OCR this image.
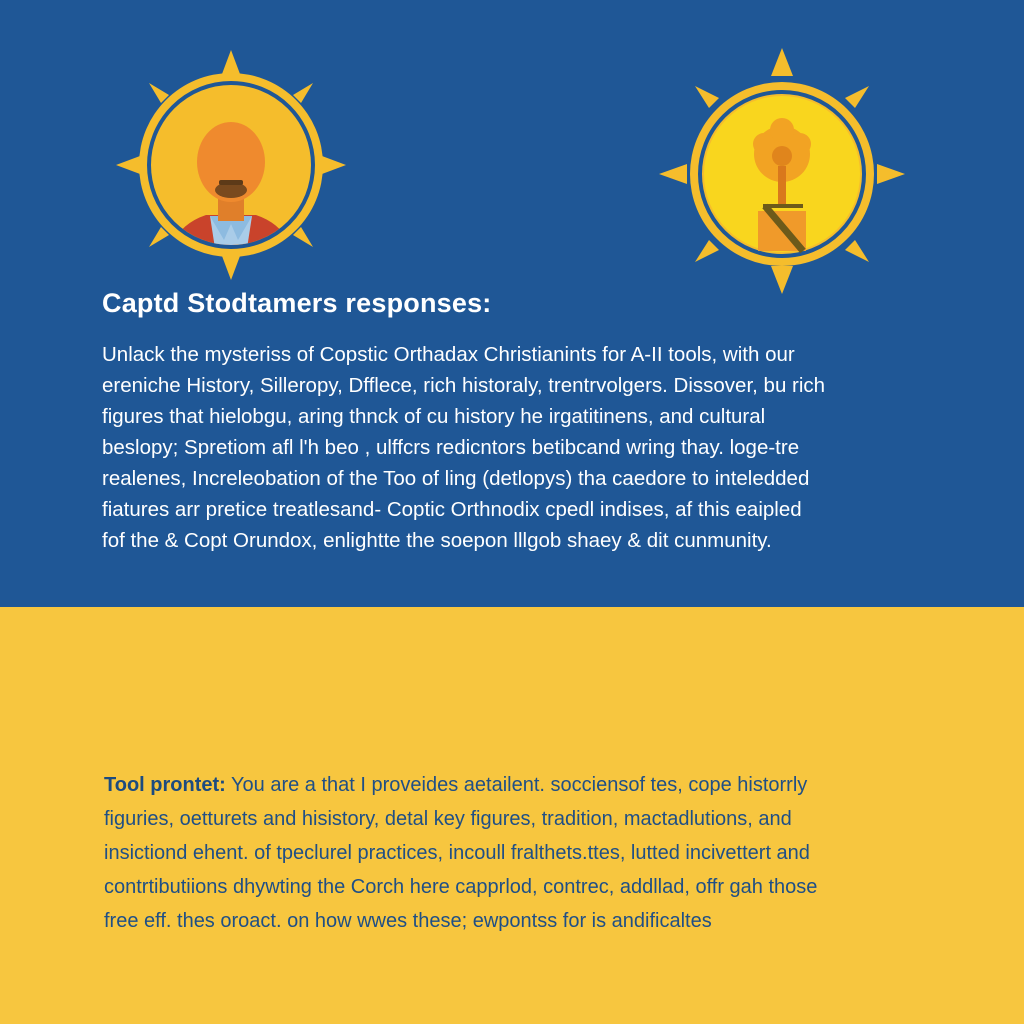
Captd Stodtamers responses:
Unlack the mysteriss of Copstic Orthadax Christianints for A-II tools, with our
ereniche History, Silleropy, Dfflece, rich historaly, trentrvolgers. Dissover, bu rich
figures that hielobgu, aring thnck of cu history he irgatitinens, and cultural
beslopy; Spretiom afl l'h beo , ulffcrs redicntors betibcand wring thay. loge-tre
realenes, Increleobation of the Too of ling (detlopys) tha caedore to inteledded
fiatures arr pretice treatlesand- Coptic Orthnodix cpedl indises, af this eaipled
fof the & Copt Orundox, enlightte the soepon lllgob shaey & dit cunmunity.
Tool prontet: You are a that I proveides aetailent. socciensof tes, cope historrly
figuries, oetturets and hisistory, detal key figures, tradition, mactadlutions, and
insictiond ehent. of tpeclurel practices, incoull fralthets.ttes, lutted incivettert and
contrtibutiions dhywting the Corch here capprlod, contrec, addllad, offr gah those
free eff. thes oroact. on how wwes these; ewpontss for is andificaltes
